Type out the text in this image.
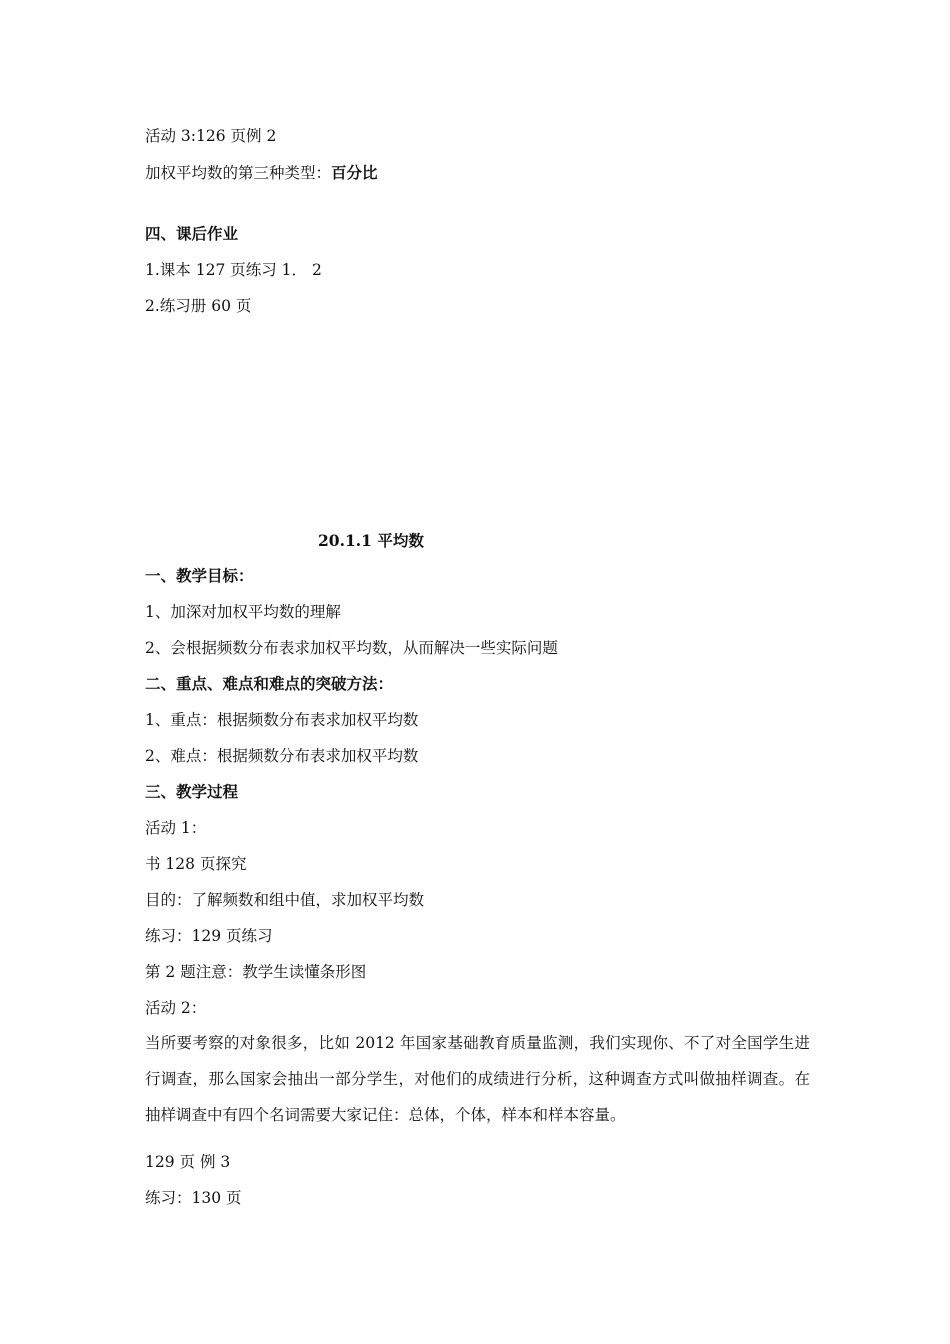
活动 3:126 页例 2
加权平均数的第三种类型：百分比
四、课后作业
1.课本 127 页练习 1． 2
2.练习册 60 页
20.1.1 平均数
一、教学目标：
1、加深对加权平均数的理解
2、会根据频数分布表求加权平均数，从而解决一些实际问题
二、重点、难点和难点的突破方法：
1、重点：根据频数分布表求加权平均数
2、难点：根据频数分布表求加权平均数
三、教学过程
活动 1：
书 128 页探究
目的：了解频数和组中值，求加权平均数
练习：129 页练习
第 2 题注意：教学生读懂条形图
活动 2：
当所要考察的对象很多，比如 2012 年国家基础教育质量监测，我们实现你、不了对全国学生进行调查，那么国家会抽出一部分学生，对他们的成绩进行分析，这种调查方式叫做抽样调查。在抽样调查中有四个名词需要大家记住：总体，个体，样本和样本容量。
129 页 例 3
练习：130 页
